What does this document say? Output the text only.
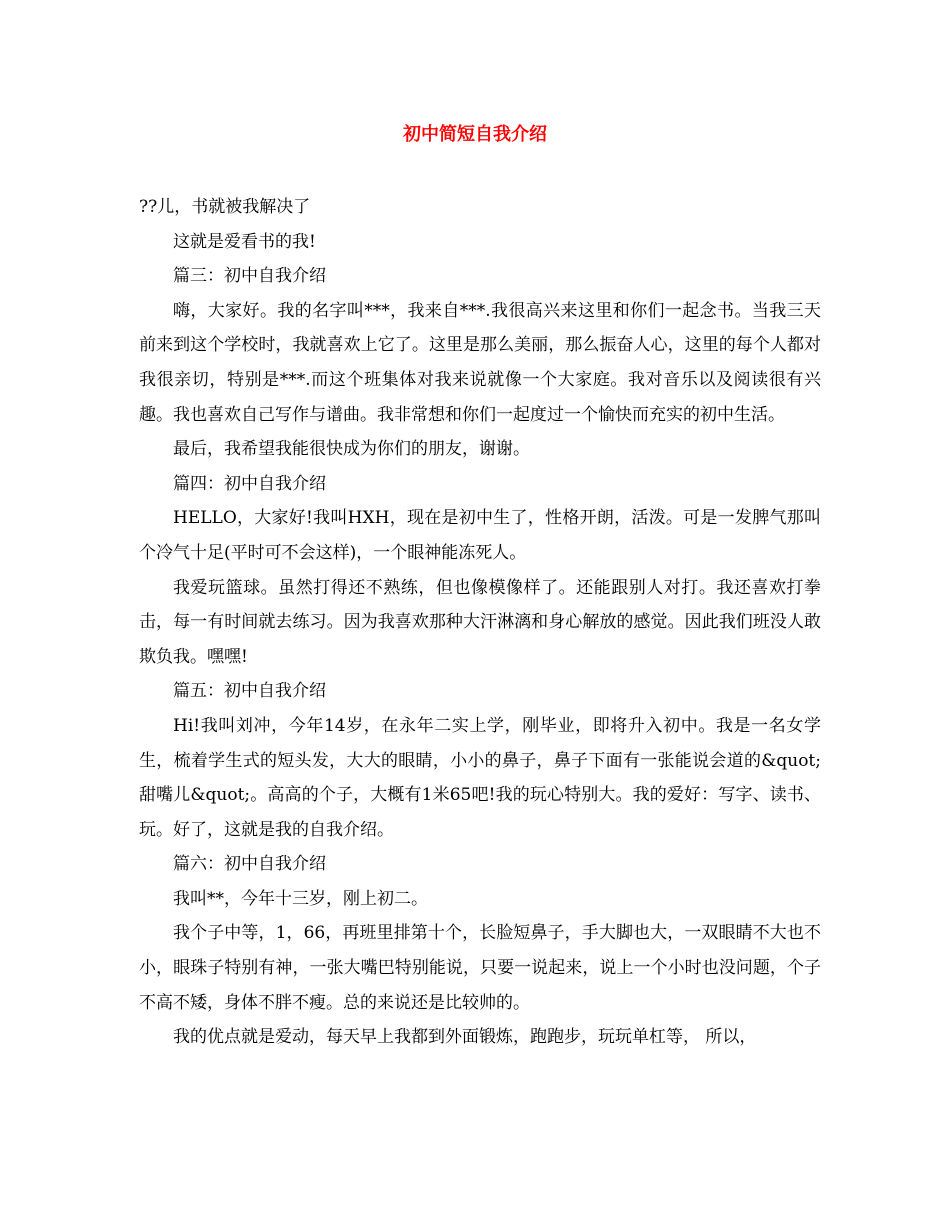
初中简短自我介绍

??儿，书就被我解决了

这就是爱看书的我!

篇三：初中自我介绍

嗨，大家好。我的名字叫***，我来自***.我很高兴来这里和你们一起念书。当我三天前来到这个学校时，我就喜欢上它了。这里是那么美丽，那么振奋人心，这里的每个人都对我很亲切，特别是***.而这个班集体对我来说就像一个大家庭。我对音乐以及阅读很有兴趣。我也喜欢自己写作与谱曲。我非常想和你们一起度过一个愉快而充实的初中生活。

最后，我希望我能很快成为你们的朋友，谢谢。

篇四：初中自我介绍

HELLO，大家好!我叫HXH，现在是初中生了，性格开朗，活泼。可是一发脾气那叫个冷气十足(平时可不会这样)，一个眼神能冻死人。

我爱玩篮球。虽然打得还不熟练，但也像模像样了。还能跟别人对打。我还喜欢打拳击，每一有时间就去练习。因为我喜欢那种大汗淋漓和身心解放的感觉。因此我们班没人敢欺负我。嘿嘿!

篇五：初中自我介绍

Hi!我叫刘冲，今年14岁，在永年二实上学，刚毕业，即将升入初中。我是一名女学生，梳着学生式的短头发，大大的眼睛，小小的鼻子，鼻子下面有一张能说会道的&quot;甜嘴儿&quot;。高高的个子，大概有1米65吧!我的玩心特别大。我的爱好：写字、读书、玩。好了，这就是我的自我介绍。

篇六：初中自我介绍

我叫**，今年十三岁，刚上初二。

我个子中等，1，66，再班里排第十个，长脸短鼻子，手大脚也大，一双眼睛不大也不小，眼珠子特别有神，一张大嘴巴特别能说，只要一说起来，说上一个小时也没问题，个子不高不矮，身体不胖不瘦。总的来说还是比较帅的。

我的优点就是爱动，每天早上我都到外面锻炼，跑跑步，玩玩单杠等， 所以，
